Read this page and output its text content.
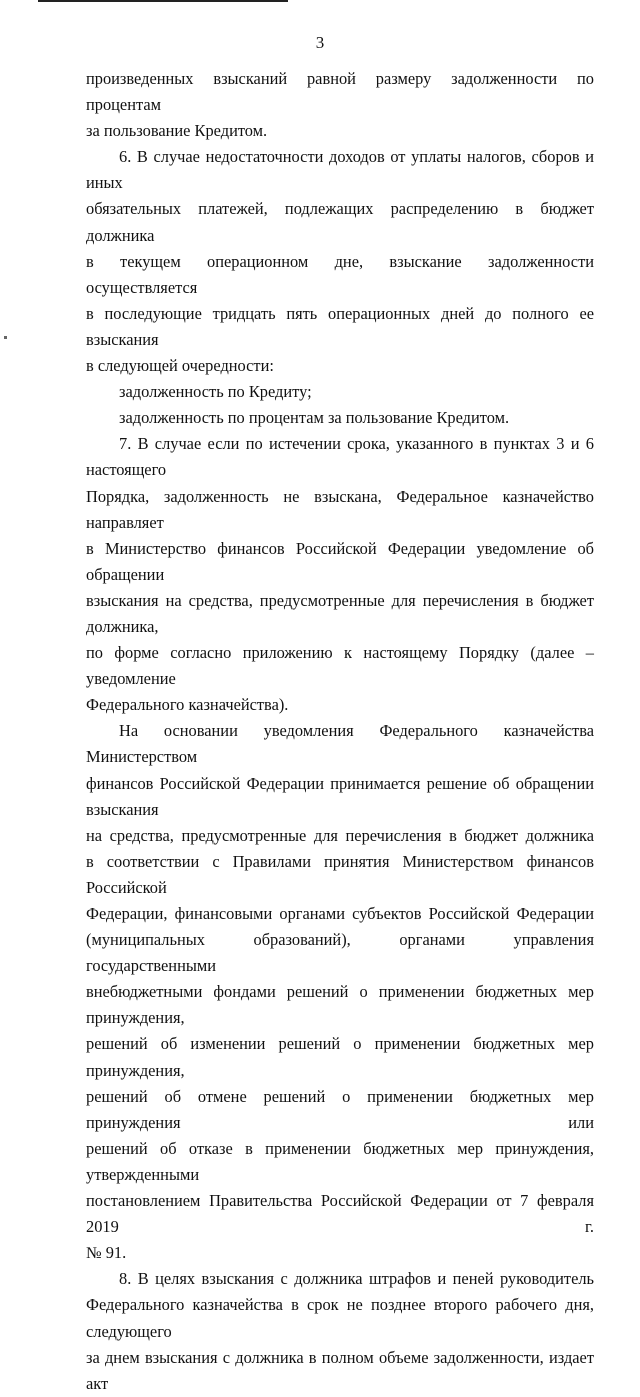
3

произведенных взысканий равной размеру задолженности по процентам

за пользование Кредитом.

6. В случае недостаточности доходов от уплаты налогов, сборов и иных

обязательных платежей, подлежащих распределению в бюджет должника

в текущем операционном дне, взыскание задолженности осуществляется

в последующие тридцать пять операционных дней до полного ее взыскания

в следующей очередности:

задолженность по Кредиту;

задолженность по процентам за пользование Кредитом.

7. В случае если по истечении срока, указанного в пунктах 3 и 6 настоящего

Порядка, задолженность не взыскана, Федеральное казначейство направляет

в Министерство финансов Российской Федерации уведомление об обращении

взыскания на средства, предусмотренные для перечисления в бюджет должника,

по форме согласно приложению к настоящему Порядку (далее – уведомление

Федерального казначейства).

На основании уведомления Федерального казначейства Министерством

финансов Российской Федерации принимается решение об обращении взыскания

на средства, предусмотренные для перечисления в бюджет должника

в соответствии с Правилами принятия Министерством финансов Российской

Федерации, финансовыми органами субъектов Российской Федерации

(муниципальных образований), органами управления государственными

внебюджетными фондами решений о применении бюджетных мер принуждения,

решений об изменении решений о применении бюджетных мер принуждения,

решений об отмене решений о применении бюджетных мер принуждения или

решений об отказе в применении бюджетных мер принуждения, утвержденными

постановлением Правительства Российской Федерации от 7 февраля 2019 г.

№ 91.

8. В целях взыскания с должника штрафов и пеней руководитель

Федерального казначейства в срок не позднее второго рабочего дня, следующего

за днем взыскания с должника в полном объеме задолженности, издает акт
